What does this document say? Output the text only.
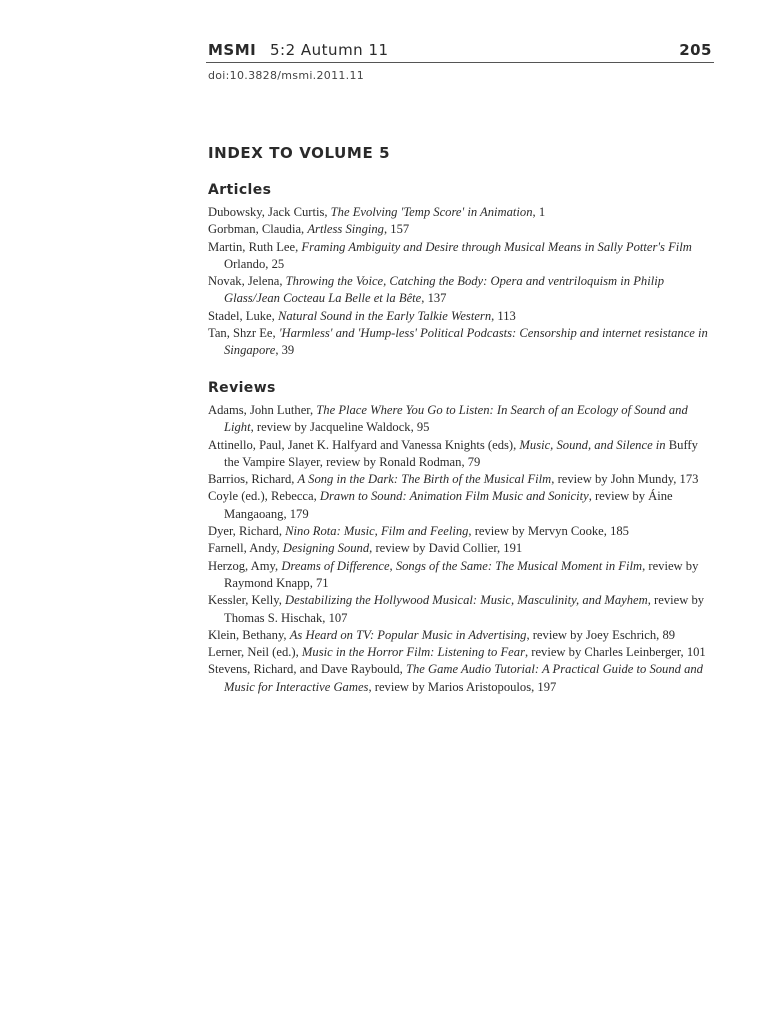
MSMI 5:2 Autumn 11	205
doi:10.3828/msmi.2011.11
INDEX TO VOLUME 5
Articles
Dubowsky, Jack Curtis, The Evolving 'Temp Score' in Animation, 1
Gorbman, Claudia, Artless Singing, 157
Martin, Ruth Lee, Framing Ambiguity and Desire through Musical Means in Sally Potter's Film Orlando, 25
Novak, Jelena, Throwing the Voice, Catching the Body: Opera and ventriloquism in Philip Glass/Jean Cocteau La Belle et la Bête, 137
Stadel, Luke, Natural Sound in the Early Talkie Western, 113
Tan, Shzr Ee, 'Harmless' and 'Hump-less' Political Podcasts: Censorship and internet resistance in Singapore, 39
Reviews
Adams, John Luther, The Place Where You Go to Listen: In Search of an Ecology of Sound and Light, review by Jacqueline Waldock, 95
Attinello, Paul, Janet K. Halfyard and Vanessa Knights (eds), Music, Sound, and Silence in Buffy the Vampire Slayer, review by Ronald Rodman, 79
Barrios, Richard, A Song in the Dark: The Birth of the Musical Film, review by John Mundy, 173
Coyle (ed.), Rebecca, Drawn to Sound: Animation Film Music and Sonicity, review by Áine Mangaoang, 179
Dyer, Richard, Nino Rota: Music, Film and Feeling, review by Mervyn Cooke, 185
Farnell, Andy, Designing Sound, review by David Collier, 191
Herzog, Amy, Dreams of Difference, Songs of the Same: The Musical Moment in Film, review by Raymond Knapp, 71
Kessler, Kelly, Destabilizing the Hollywood Musical: Music, Masculinity, and Mayhem, review by Thomas S. Hischak, 107
Klein, Bethany, As Heard on TV: Popular Music in Advertising, review by Joey Eschrich, 89
Lerner, Neil (ed.), Music in the Horror Film: Listening to Fear, review by Charles Leinberger, 101
Stevens, Richard, and Dave Raybould, The Game Audio Tutorial: A Practical Guide to Sound and Music for Interactive Games, review by Marios Aristopoulos, 197
